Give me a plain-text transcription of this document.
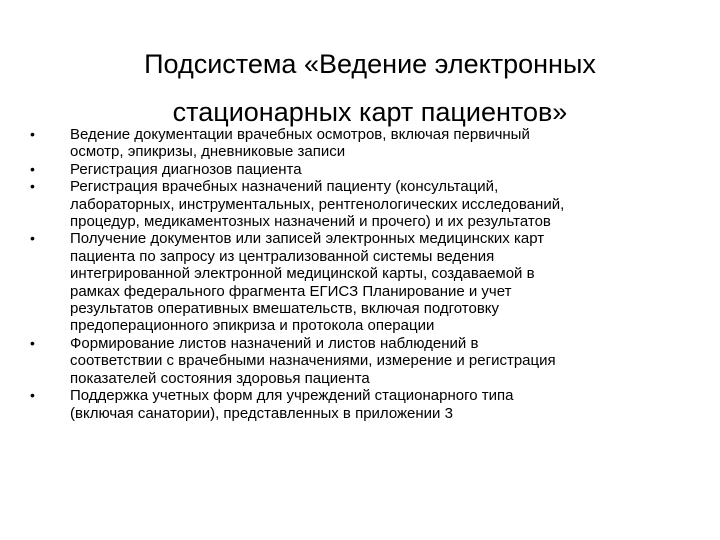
Подсистема «Ведение электронных
стационарных карт пациентов»
• Ведение документации врачебных осмотров, включая первичный
осмотр, эпикризы, дневниковые записи
• Регистрация диагнозов пациента
• Регистрация врачебных назначений пациенту (консультаций,
лабораторных, инструментальных, рентгенологических исследований,
процедур, медикаментозных назначений и прочего) и их результатов
• Получение документов или записей электронных медицинских карт
пациента по запросу из централизованной системы ведения
интегрированной электронной медицинской карты, создаваемой в
рамках федерального фрагмента ЕГИСЗ Планирование и учет
результатов оперативных вмешательств, включая подготовку
предоперационного эпикриза и протокола операции
• Формирование листов назначений и листов наблюдений в
соответствии с врачебными назначениями, измерение и регистрация
показателей состояния здоровья пациента
• Поддержка учетных форм для учреждений стационарного типа
(включая санатории), представленных в приложении 3
